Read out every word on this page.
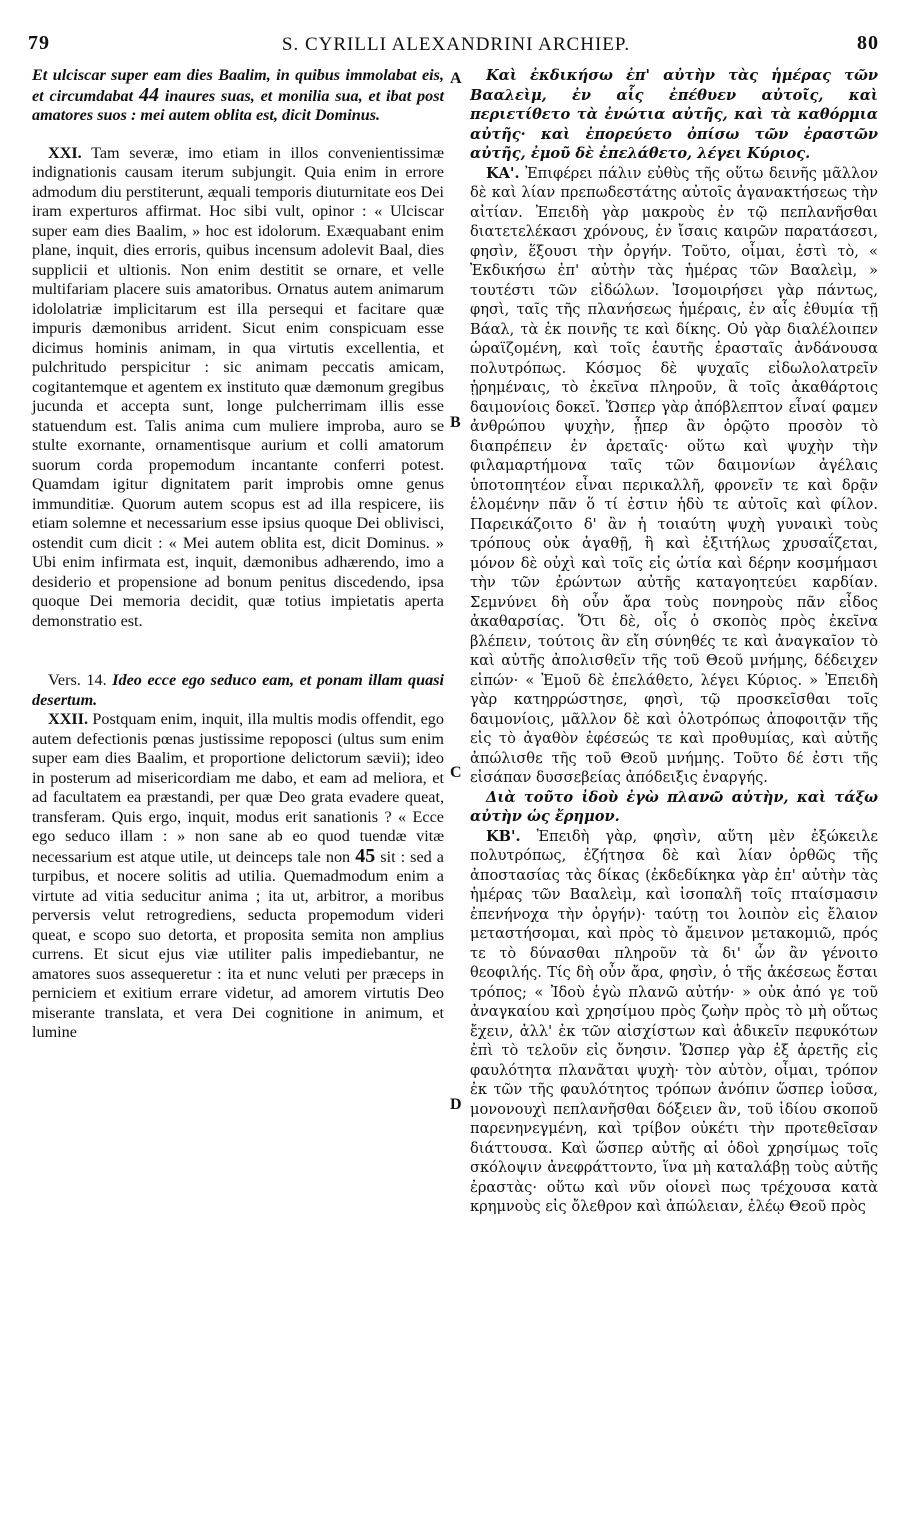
79	S. CYRILLI ALEXANDRINI ARCHIEP.	80
A
B
C
D

Et ulciscar super eam dies Baalim, in quibus immolabat eis, et circumdabat 44 inaures suas, et monilia sua, et ibat post amatores suos : mei autem oblita est, dicit Dominus.

XXI. Tam severæ, imo etiam in illos convenientissimæ indignationis causam iterum subjungit. Quia enim in errore admodum diu perstiterunt, æquali temporis diuturnitate eos Dei iram experturos affirmat. Hoc sibi vult, opinor : « Ulciscar super eam dies Baalim, » hoc est idolorum. Exæquabant enim plane, inquit, dies erroris, quibus incensum adolevit Baal, dies supplicii et ultionis. Non enim destitit se ornare, et velle multifariam placere suis amatoribus. Ornatus autem animarum idololatriæ implicitarum est illa persequi et facitare quæ impuris dæmonibus arrident. Sicut enim conspicuam esse dicimus hominis animam, in qua virtutis excellentia, et pulchritudo perspicitur : sic animam peccatis amicam, cogitantemque et agentem ex instituto quæ dæmonum gregibus jucunda et accepta sunt, longe pulcherrimam illis esse statuendum est. Talis anima cum muliere improba, auro se stulte exornante, ornamentisque aurium et colli amatorum suorum corda propemodum incantante conferri potest. Quamdam igitur dignitatem parit improbis omne genus immunditiæ. Quorum autem scopus est ad illa respicere, iis etiam solemne et necessarium esse ipsius quoque Dei oblivisci, ostendit cum dicit : « Mei autem oblita est, dicit Dominus. » Ubi enim infirmata est, inquit, dæmonibus adhærendo, imo a desiderio et propensione ad bonum penitus discedendo, ipsa quoque Dei memoria decidit, quæ totius impietatis aperta demonstratio est.

Vers. 14. Ideo ecce ego seduco eam, et ponam illam quasi desertum.

XXII. Postquam enim, inquit, illa multis modis offendit, ego autem defectionis pœnas justissime repoposci (ultus sum enim super eam dies Baalim, et proportione delictorum sævii); ideo in posterum ad misericordiam me dabo, et eam ad meliora, et ad facultatem ea præstandi, per quæ Deo grata evadere queat, transferam. Quis ergo, inquit, modus erit sanationis ? « Ecce ego seduco illam : » non sane ab eo quod tuendæ vitæ necessarium est atque utile, ut deinceps tale non 45 sit : sed a turpibus, et nocere solitis ad utilia. Quemadmodum enim a virtute ad vitia seducitur anima ; ita ut, arbitror, a moribus perversis velut retrogrediens, seducta propemodum videri queat, e scopo suo detorta, et proposita semita non amplius currens. Et sicut ejus viæ utiliter palis impediebantur, ne amatores suos assequeretur : ita et nunc veluti per præceps in perniciem et exitium errare videtur, ad amorem virtutis Deo miserante translata, et vera Dei cognitione in animum, et lumine

Καὶ ἐκδικήσω ἐπ' αὐτὴν τὰς ἡμέρας τῶν Βααλεὶμ, ἐν αἷς ἐπέθυεν αὐτοῖς, καὶ περιετίθετο τὰ ἐνώτια αὐτῆς, καὶ τὰ καθόρμια αὐτῆς· καὶ ἐπορεύετο ὀπίσω τῶν ἐραστῶν αὐτῆς, ἐμοῦ δὲ ἐπελάθετο, λέγει Κύριος.

ΚΑ'. Ἐπιφέρει πάλιν εὐθὺς τῆς οὕτω δεινῆς μᾶλλον δὲ καὶ λίαν πρεπωδεστάτης αὐτοῖς ἀγανακτήσεως τὴν αἰτίαν. Ἐπειδὴ γὰρ μακροὺς ἐν τῷ πεπλανῆσθαι διατετελέκασι χρόνους, ἐν ἴσαις καιρῶν παρατάσεσι, φησὶν, ἕξουσι τὴν ὀργήν. Τοῦτο, οἶμαι, ἐστὶ τὸ, « Ἐκδικήσω ἐπ' αὐτὴν τὰς ἡμέρας τῶν Βααλεὶμ, » τουτέστι τῶν εἰδώλων. Ἰσομοιρήσει γὰρ πάντως, φησὶ, ταῖς τῆς πλανήσεως ἡμέραις, ἐν αἷς ἐθυμία τῇ Βάαλ, τὰ ἐκ ποινῆς τε καὶ δίκης. Οὐ γὰρ διαλέλοιπεν ὡραϊζομένη, καὶ τοῖς ἑαυτῆς ἐρασταῖς ἀνδάνουσα πολυτρόπως. Κόσμος δὲ ψυχαῖς εἰδωλολατρεῖν ᾑρημέναις, τὸ ἐκεῖνα πληροῦν, ἃ τοῖς ἀκαθάρτοις δαιμονίοις δοκεῖ. Ὥσπερ γὰρ ἀπόβλεπτον εἶναί φαμεν ἀνθρώπου ψυχὴν, ᾗπερ ἂν ὁρῷτο προσὸν τὸ διαπρέπειν ἐν ἀρεταῖς· οὕτω καὶ ψυχὴν τὴν φιλαμαρτήμονα ταῖς τῶν δαιμονίων ἀγέλαις ὑποτοπητέον εἶναι περικαλλῆ, φρονεῖν τε καὶ δρᾷν ἑλομένην πᾶν ὅ τί ἐστιν ἡδὺ τε αὐτοῖς καὶ φίλον. Παρεικάζοιτο δ' ἂν ἡ τοιαύτη ψυχὴ γυναικὶ τοὺς τρόπους οὐκ ἀγαθῇ, ἣ καὶ ἐξιτήλως χρυσαΐζεται, μόνον δὲ οὐχὶ καὶ τοῖς εἰς ὠτία καὶ δέρην κοσμήμασι τὴν τῶν ἐρώντων αὐτῆς καταγοητεύει καρδίαν. Σεμνύνει δὴ οὖν ἄρα τοὺς πονηροὺς πᾶν εἶδος ἀκαθαρσίας. Ὅτι δὲ, οἷς ὁ σκοπὸς πρὸς ἐκεῖνα βλέπειν, τούτοις ἂν εἴη σύνηθές τε καὶ ἀναγκαῖον τὸ καὶ αὐτῆς ἀπολισθεῖν τῆς τοῦ Θεοῦ μνήμης, δέδειχεν εἰπών· « Ἐμοῦ δὲ ἐπελάθετο, λέγει Κύριος. » Ἐπειδὴ γὰρ κατηρρώστησε, φησὶ, τῷ προσκεῖσθαι τοῖς δαιμονίοις, μᾶλλον δὲ καὶ ὁλοτρόπως ἀποφοιτᾷν τῆς εἰς τὸ ἀγαθὸν ἐφέσεώς τε καὶ προθυμίας, καὶ αὐτῆς ἀπώλισθε τῆς τοῦ Θεοῦ μνήμης. Τοῦτο δέ ἐστι τῆς εἰσάπαν δυσσεβείας ἀπόδειξις ἐναργής.

Διὰ τοῦτο ἰδοὺ ἐγὼ πλανῶ αὐτὴν, καὶ τάξω αὐτὴν ὡς ἔρημον.

ΚΒ'. Ἐπειδὴ γὰρ, φησὶν, αὕτη μὲν ἐξώκειλε πολυτρόπως, ἐζήτησα δὲ καὶ λίαν ὀρθῶς τῆς ἀποστασίας τὰς δίκας (ἐκδεδίκηκα γὰρ ἐπ' αὐτὴν τὰς ἡμέρας τῶν Βααλεὶμ, καὶ ἰσοπαλῆ τοῖς πταίσμασιν ἐπενήνοχα τὴν ὀργήν)· ταύτῃ τοι λοιπὸν εἰς ἔλαιον μεταστήσομαι, καὶ πρὸς τὸ ἄμεινον μετακομιῶ, πρός τε τὸ δύνασθαι πληροῦν τὰ δι' ὧν ἂν γένοιτο θεοφιλής. Τίς δὴ οὖν ἄρα, φησὶν, ὁ τῆς ἀκέσεως ἔσται τρόπος; « Ἰδοὺ ἐγὼ πλανῶ αὐτήν· » οὐκ ἀπό γε τοῦ ἀναγκαίου καὶ χρησίμου πρὸς ζωὴν πρὸς τὸ μὴ οὕτως ἔχειν, ἀλλ' ἐκ τῶν αἰσχίστων καὶ ἀδικεῖν πεφυκότων ἐπὶ τὸ τελοῦν εἰς ὄνησιν. Ὥσπερ γὰρ ἐξ ἀρετῆς εἰς φαυλότητα πλανᾶται ψυχὴ· τὸν αὐτὸν, οἶμαι, τρόπον ἐκ τῶν τῆς φαυλότητος τρόπων ἀνόπιν ὥσπερ ἰοῦσα, μονονουχὶ πεπλανῆσθαι δόξειεν ἂν, τοῦ ἰδίου σκοποῦ παρενηνεγμένη, καὶ τρίβον οὐκέτι τὴν προτεθεῖσαν διάττουσα. Καὶ ὥσπερ αὐτῆς αἱ ὁδοὶ χρησίμως τοῖς σκόλοψιν ἀνεφράττοντο, ἵνα μὴ καταλάβῃ τοὺς αὐτῆς ἐραστὰς· οὕτω καὶ νῦν οἱονεὶ πως τρέχουσα κατὰ κρημνοὺς εἰς ὄλεθρον καὶ ἀπώλειαν, ἐλέῳ Θεοῦ πρὸς
